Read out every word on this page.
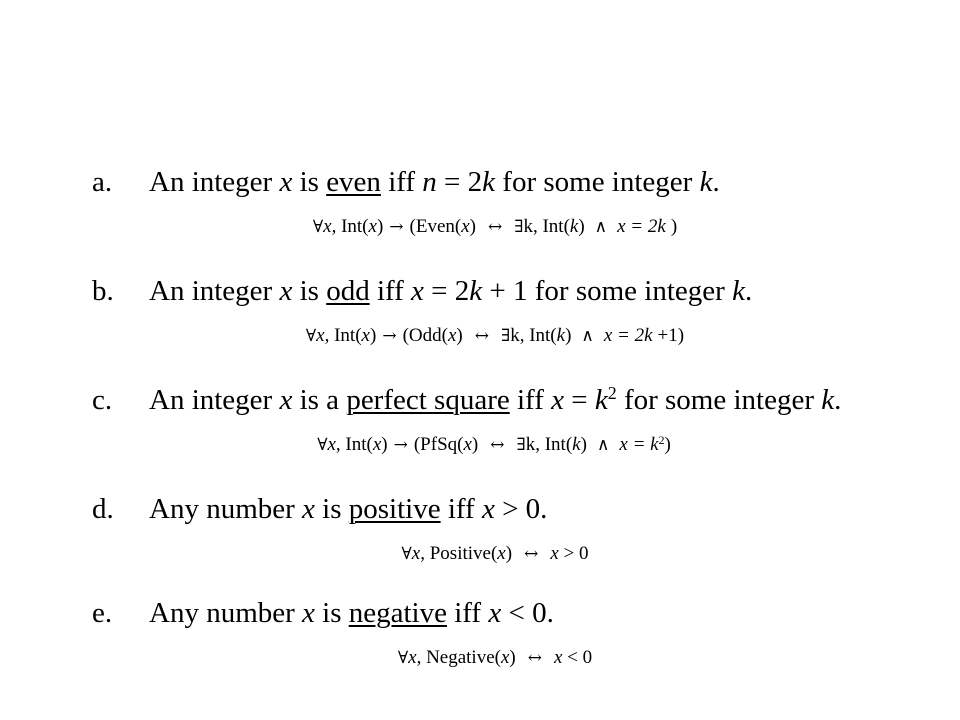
a. An integer x is even iff n = 2k for some integer k.
∀x, Int(x) → (Even(x) ↔ ∃k, Int(k) ∧ x = 2k )
b. An integer x is odd iff x = 2k + 1 for some integer k.
∀x, Int(x) → (Odd(x) ↔ ∃k, Int(k) ∧ x = 2k +1)
c. An integer x is a perfect square iff $x = k^2$ for some integer k.
∀x, Int(x) → (PfSq(x) ↔ ∃k, Int(k) ∧ $x = k^2$)
d. Any number x is positive iff x > 0.
∀x, Positive(x) ↔ x > 0
e. Any number x is negative iff x < 0.
∀x, Negative(x) ↔ x < 0
